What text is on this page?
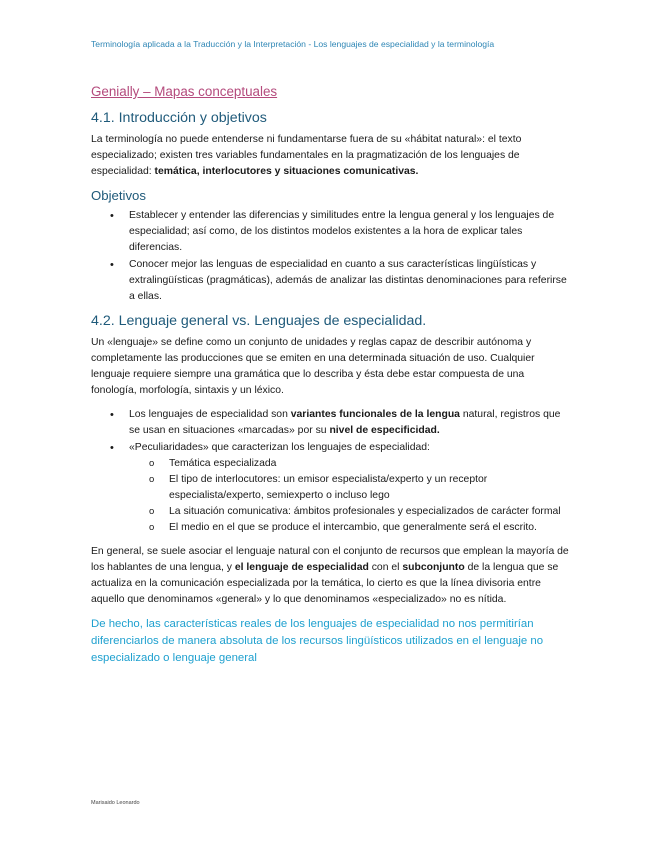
Terminología aplicada a la Traducción y la Interpretación - Los lenguajes de especialidad y la terminología
Genially – Mapas conceptuales
4.1. Introducción y objetivos

La terminología no puede entenderse ni fundamentarse fuera de su «hábitat natural»: el texto especializado; existen tres variables fundamentales en la pragmatización de los lenguajes de especialidad: temática, interlocutores y situaciones comunicativas.

Objetivos
• Establecer y entender las diferencias y similitudes entre la lengua general y los lenguajes de especialidad; así como, de los distintos modelos existentes a la hora de explicar tales diferencias.
• Conocer mejor las lenguas de especialidad en cuanto a sus características lingüísticas y extralingüísticas (pragmáticas), además de analizar las distintas denominaciones para referirse a ellas.
4.2. Lenguaje general vs. Lenguajes de especialidad.

Un «lenguaje» se define como un conjunto de unidades y reglas capaz de describir autónoma y completamente las producciones que se emiten en una determinada situación de uso. Cualquier lenguaje requiere siempre una gramática que lo describa y ésta debe estar compuesta de una fonología, morfología, sintaxis y un léxico.

• Los lenguajes de especialidad son variantes funcionales de la lengua natural, registros que se usan en situaciones «marcadas» por su nivel de especificidad.
• «Peculiaridades» que caracterizan los lenguajes de especialidad:
o Temática especializada
o El tipo de interlocutores: un emisor especialista/experto y un receptor especialista/experto, semiexperto o incluso lego
o La situación comunicativa: ámbitos profesionales y especializados de carácter formal
o El medio en el que se produce el intercambio, que generalmente será el escrito.

En general, se suele asociar el lenguaje natural con el conjunto de recursos que emplean la mayoría de los hablantes de una lengua, y el lenguaje de especialidad con el subconjunto de la lengua que se actualiza en la comunicación especializada por la temática, lo cierto es que la línea divisoria entre aquello que denominamos «general» y lo que denominamos «especializado» no es nítida.

De hecho, las características reales de los lenguajes de especialidad no nos permitirían diferenciarlos de manera absoluta de los recursos lingüísticos utilizados en el lenguaje no especializado o lenguaje general

Marisaido Leonardo
